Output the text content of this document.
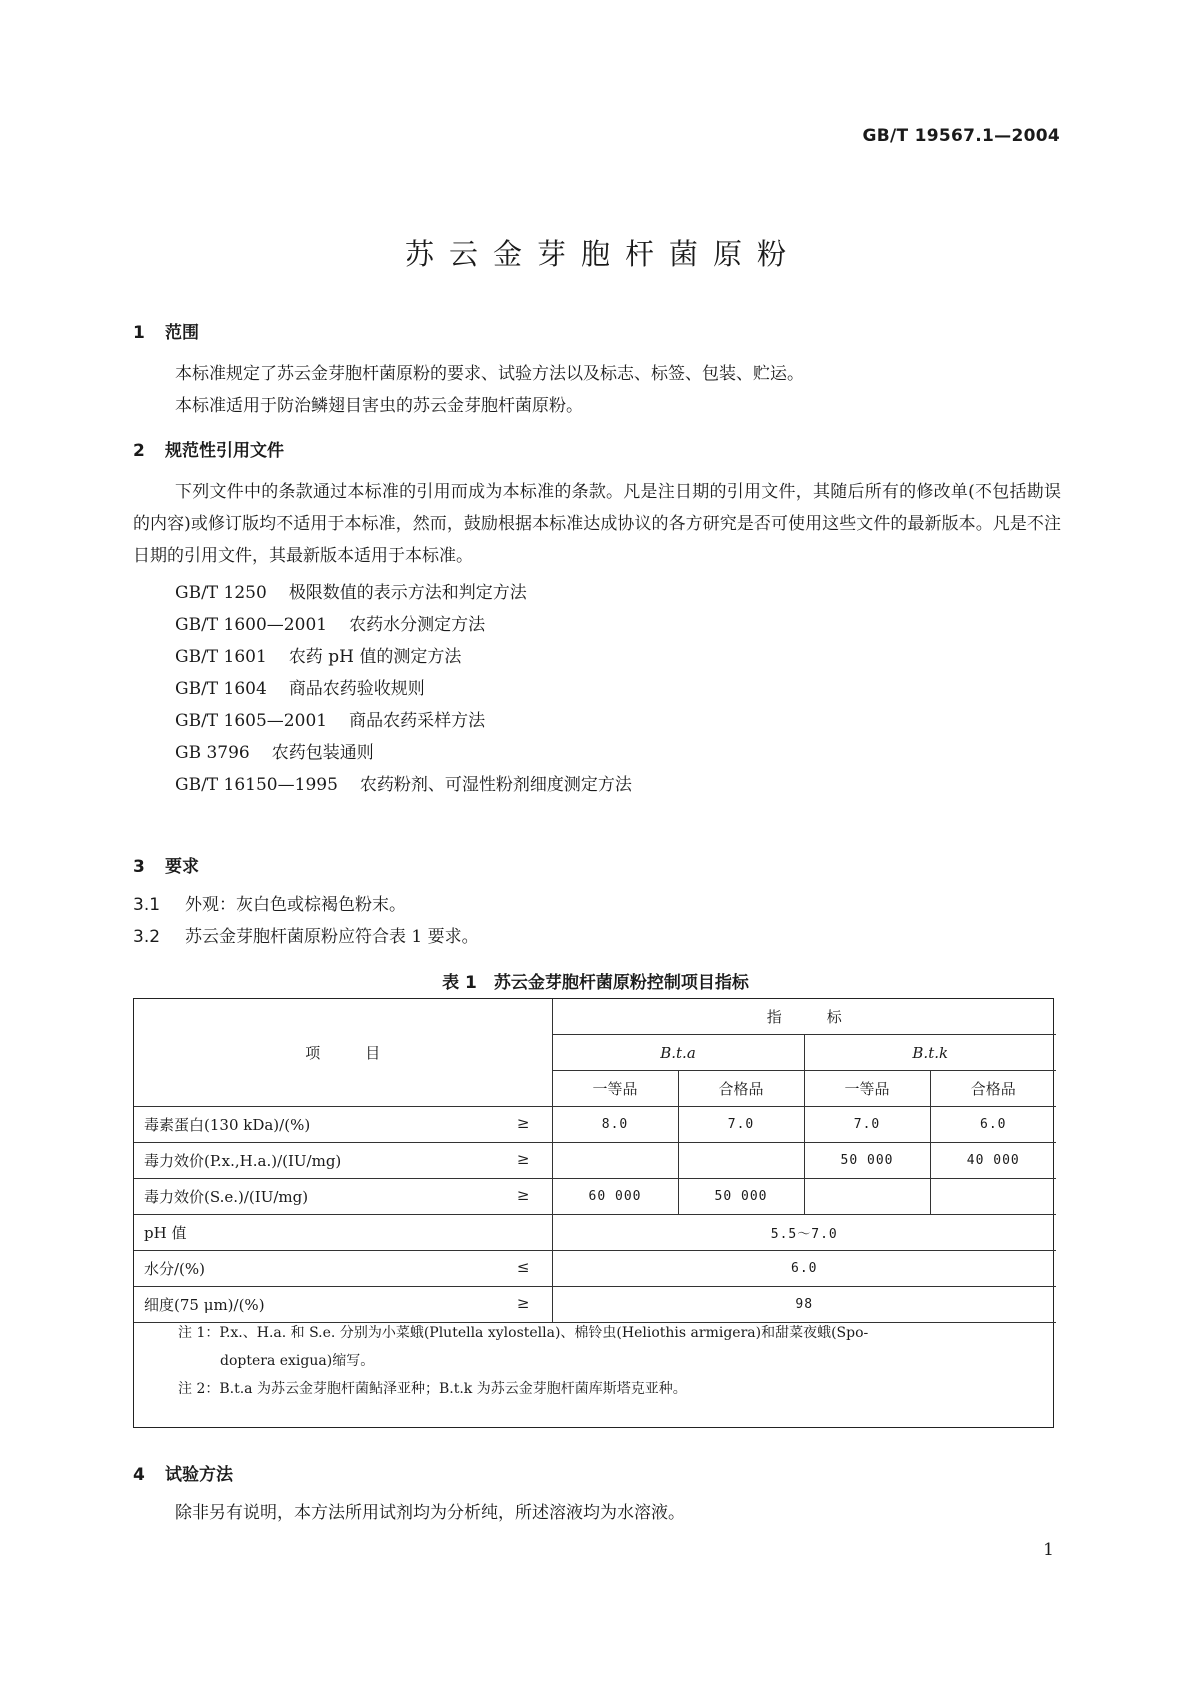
GB/T 19567.1—2004
苏云金芽胞杆菌原粉
1 范围
本标准规定了苏云金芽胞杆菌原粉的要求、试验方法以及标志、标签、包装、贮运。
本标准适用于防治鳞翅目害虫的苏云金芽胞杆菌原粉。
2 规范性引用文件
下列文件中的条款通过本标准的引用而成为本标准的条款。凡是注日期的引用文件，其随后所有的修改单(不包括勘误的内容)或修订版均不适用于本标准，然而，鼓励根据本标准达成协议的各方研究是否可使用这些文件的最新版本。凡是不注日期的引用文件，其最新版本适用于本标准。
GB/T 1250 极限数值的表示方法和判定方法
GB/T 1600—2001 农药水分测定方法
GB/T 1601 农药 pH 值的测定方法
GB/T 1604 商品农药验收规则
GB/T 1605—2001 商品农药采样方法
GB 3796 农药包装通则
GB/T 16150—1995 农药粉剂、可湿性粉剂细度测定方法
3 要求
3.1 外观：灰白色或棕褐色粉末。
3.2 苏云金芽胞杆菌原粉应符合表 1 要求。
表 1　苏云金芽胞杆菌原粉控制项目指标
项　　　目	指　　　标			
	B.t.a		B.t.k	
	一等品	合格品	一等品	合格品
毒素蛋白(130 kDa)/(%) ≥	8.0	7.0	7.0	6.0
毒力效价(P.x.,H.a.)/(IU/mg) ≥			50 000	40 000
毒力效价(S.e.)/(IU/mg) ≥	60 000	50 000		
pH 值	5.5～7.0			
水分/(%) ≤	6.0			
细度(75 μm)/(%) ≥	98			
注 1：P.x.、H.a. 和 S.e. 分别为小菜蛾(Plutella xylostella)、棉铃虫(Heliothis armigera)和甜菜夜蛾(Spo-
doptera exigua)缩写。
注 2：B.t.a 为苏云金芽胞杆菌鲇泽亚种；B.t.k 为苏云金芽胞杆菌库斯塔克亚种。
4 试验方法
除非另有说明，本方法所用试剂均为分析纯，所述溶液均为水溶液。
1
